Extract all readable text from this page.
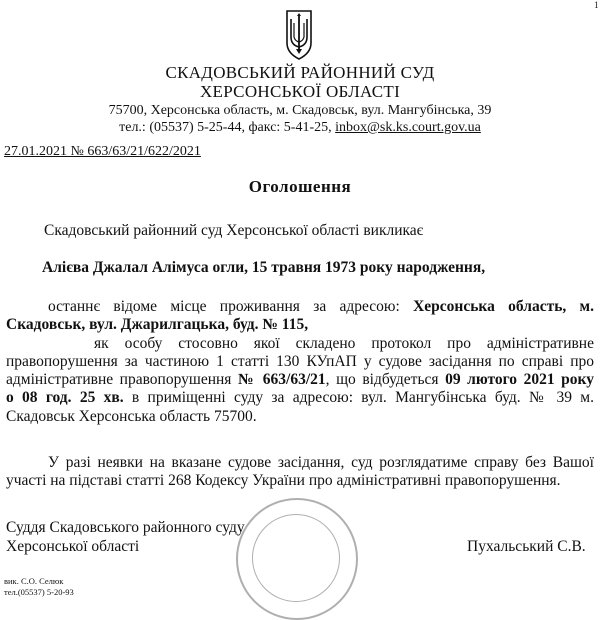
1
СКАДОВСЬКИЙ РАЙОННИЙ СУД
ХЕРСОНСЬКОЇ ОБЛАСТІ
75700, Херсонська область, м. Скадовськ, вул. Мангубінська, 39
тел.: (05537) 5-25-44, факс: 5-41-25, inbox@sk.ks.court.gov.ua
27.01.2021 № 663/63/21/622/2021
Оголошення
Скадовський районний суд Херсонської області викликає
Алієва Джалал Алімуса огли, 15 травня 1973 року народження,
останнє відоме місце проживання за адресою: Херсонська область, м.
Скадовськ, вул. Джарилгацька, буд. № 115,
як особу стосовно якої складено протокол про адміністративне
правопорушення за частиною 1 статті 130 КУпАП у судове засідання по справі про
адміністративне правопорушення № 663/63/21, що відбудеться 09 лютого 2021 року
о 08 год. 25 хв. в приміщенні суду за адресою: вул. Мангубінська буд. № 39 м.
Скадовськ Херсонська область 75700.
У разі неявки на вказане судове засідання, суд розглядатиме справу без Вашої
участі на підставі статті 268 Кодексу України про адміністративні правопорушення.
Суддя Скадовського районного суду
Херсонської області	Пухальський С.В.
вик. С.О. Селюк
тел.(05537) 5-20-93
